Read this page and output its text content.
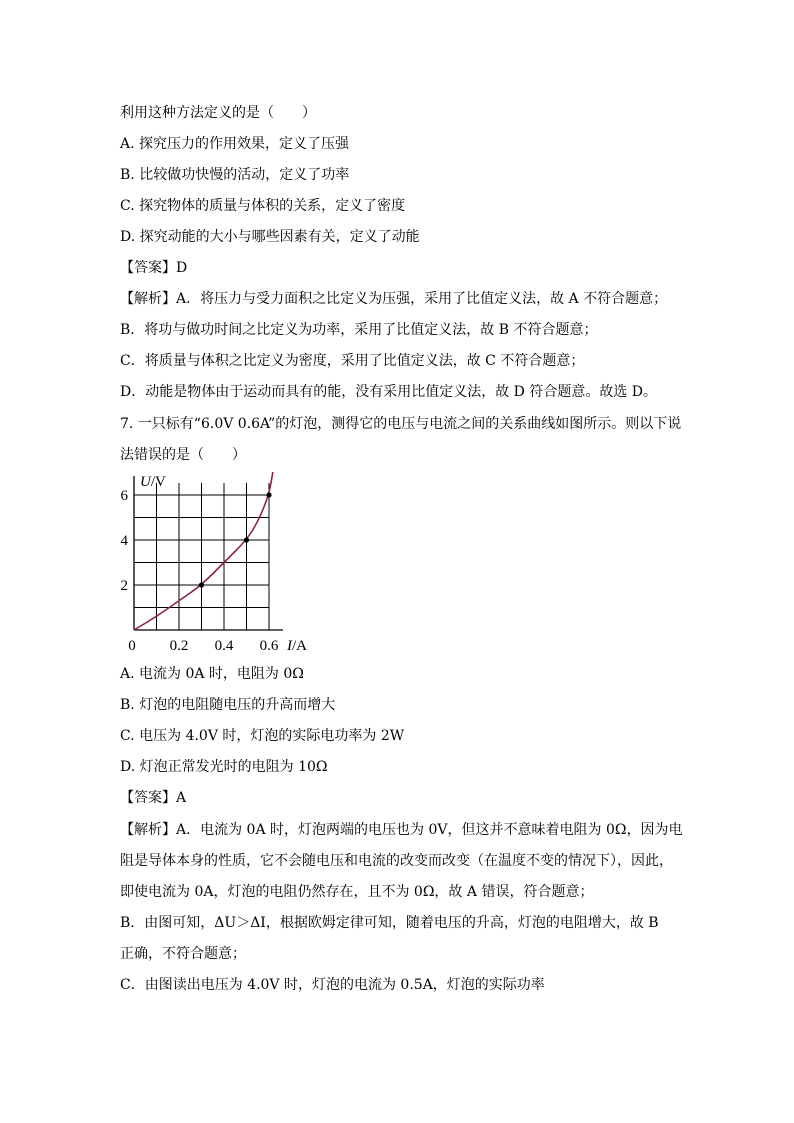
利用这种方法定义的是（　　）
A. 探究压力的作用效果，定义了压强
B. 比较做功快慢的活动，定义了功率
C. 探究物体的质量与体积的关系，定义了密度
D. 探究动能的大小与哪些因素有关，定义了动能
【答案】D
【解析】A．将压力与受力面积之比定义为压强，采用了比值定义法，故 A 不符合题意；
B．将功与做功时间之比定义为功率，采用了比值定义法，故 B 不符合题意；
C．将质量与体积之比定义为密度，采用了比值定义法，故 C 不符合题意；
D．动能是物体由于运动而具有的能，没有采用比值定义法，故 D 符合题意。故选 D。
7. 一只标有“6.0V 0.6A”的灯泡，测得它的电压与电流之间的关系曲线如图所示。则以下说
法错误的是（　　）
U/V
I/A
0
2
4
6
0.2 0.4 0.6
A. 电流为 0A 时，电阻为 0Ω
B. 灯泡的电阻随电压的升高而增大
C. 电压为 4.0V 时，灯泡的实际电功率为 2W
D. 灯泡正常发光时的电阻为 10Ω
【答案】A
【解析】A．电流为 0A 时，灯泡两端的电压也为 0V，但这并不意味着电阻为 0Ω，因为电
阻是导体本身的性质，它不会随电压和电流的改变而改变（在温度不变的情况下），因此，
即使电流为 0A，灯泡的电阻仍然存在，且不为 0Ω，故 A 错误，符合题意；
B．由图可知，ΔU＞ΔI，根据欧姆定律可知，随着电压的升高，灯泡的电阻增大，故 B
正确，不符合题意；
C．由图读出电压为 4.0V 时，灯泡的电流为 0.5A，灯泡的实际功率
